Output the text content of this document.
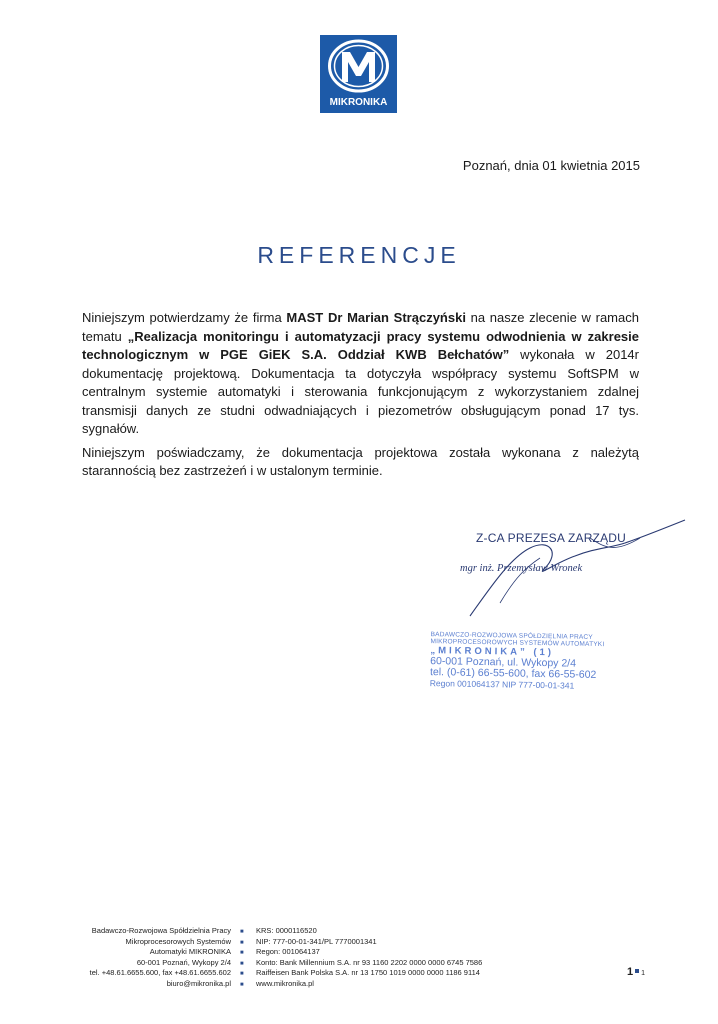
MIKRONIKA
Poznań, dnia 01 kwietnia 2015
REFERENCJE

Niniejszym potwierdzamy że firma MAST Dr Marian Strączyński na nasze zlecenie w ramach tematu „Realizacja monitoringu i automatyzacji pracy systemu odwodnienia w zakresie technologicznym w PGE GiEK S.A. Oddział KWB Bełchatów” wykonała w 2014r dokumentację projektową. Dokumentacja ta dotyczyła współpracy systemu SoftSPM w centralnym systemie automatyki i sterowania funkcjonującym z wykorzystaniem zdalnej transmisji danych ze studni odwadniających i piezometrów obsługującym ponad 17 tys. sygnałów.

Niniejszym poświadczamy, że dokumentacja projektowa została wykonana z należytą starannością bez zastrzeżeń i w ustalonym terminie.

Z-CA PREZESA ZARZĄDU
mgr inż. Przemysław Wronek
BADAWCZO-ROZWOJOWA SPÓŁDZIELNIA PRACY
MIKROPROCESOROWYCH SYSTEMÓW AUTOMATYKI
„MIKRONIKA” (1)
60-001 Poznań, ul. Wykopy 2/4
tel. (0-61) 66-55-600, fax 66-55-602
Regon 001064137 NIP 777-00-01-341
Badawczo-Rozwojowa Spółdzielnia Pracy
Mikroprocesorowych Systemów
Automatyki MIKRONIKA
60-001 Poznań, Wykopy 2/4
tel. +48.61.6655.600, fax +48.61.6655.602
biuro@mikronika.pl
■
■
■
■
■
■
KRS: 0000116520
NIP: 777-00-01-341/PL 7770001341
Regon: 001064137
Konto: Bank Millennium S.A. nr 93 1160 2202 0000 0000 6745 7586
Raiffeisen Bank Polska S.A. nr 13 1750 1019 0000 0000 1186 9114
www.mikronika.pl
1 1
